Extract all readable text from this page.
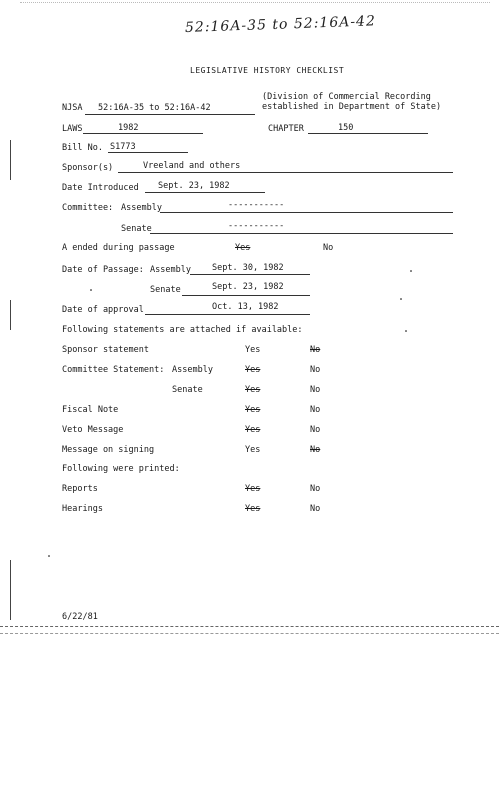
52:16A-35 to 52:16A-42
LEGISLATIVE HISTORY CHECKLIST
NJSA 52:16A-35 to 52:16A-42
(Division of Commercial Recording established in Department of State)
LAWS	1982	CHAPTER	150
Bill No. S1773
Sponsor(s)	Vreeland and others
Date Introduced Sept. 23, 1982
Committee: Assembly	-----------
Senate	-----------
A ended during passage	Yes	No
Date of Passage: Assembly Sept. 30, 1982
Senate	Sept. 23, 1982
Date of approval	Oct. 13, 1982
Following statements are attached if available:
Sponsor statement	Yes	No
Committee Statement: Assembly	Yes	No
Senate	Yes	No
Fiscal Note	Yes	No
Veto Message	Yes	No
Message on signing	Yes	No
Following were printed:
Reports	Yes	No
Hearings	Yes	No
6/22/81
